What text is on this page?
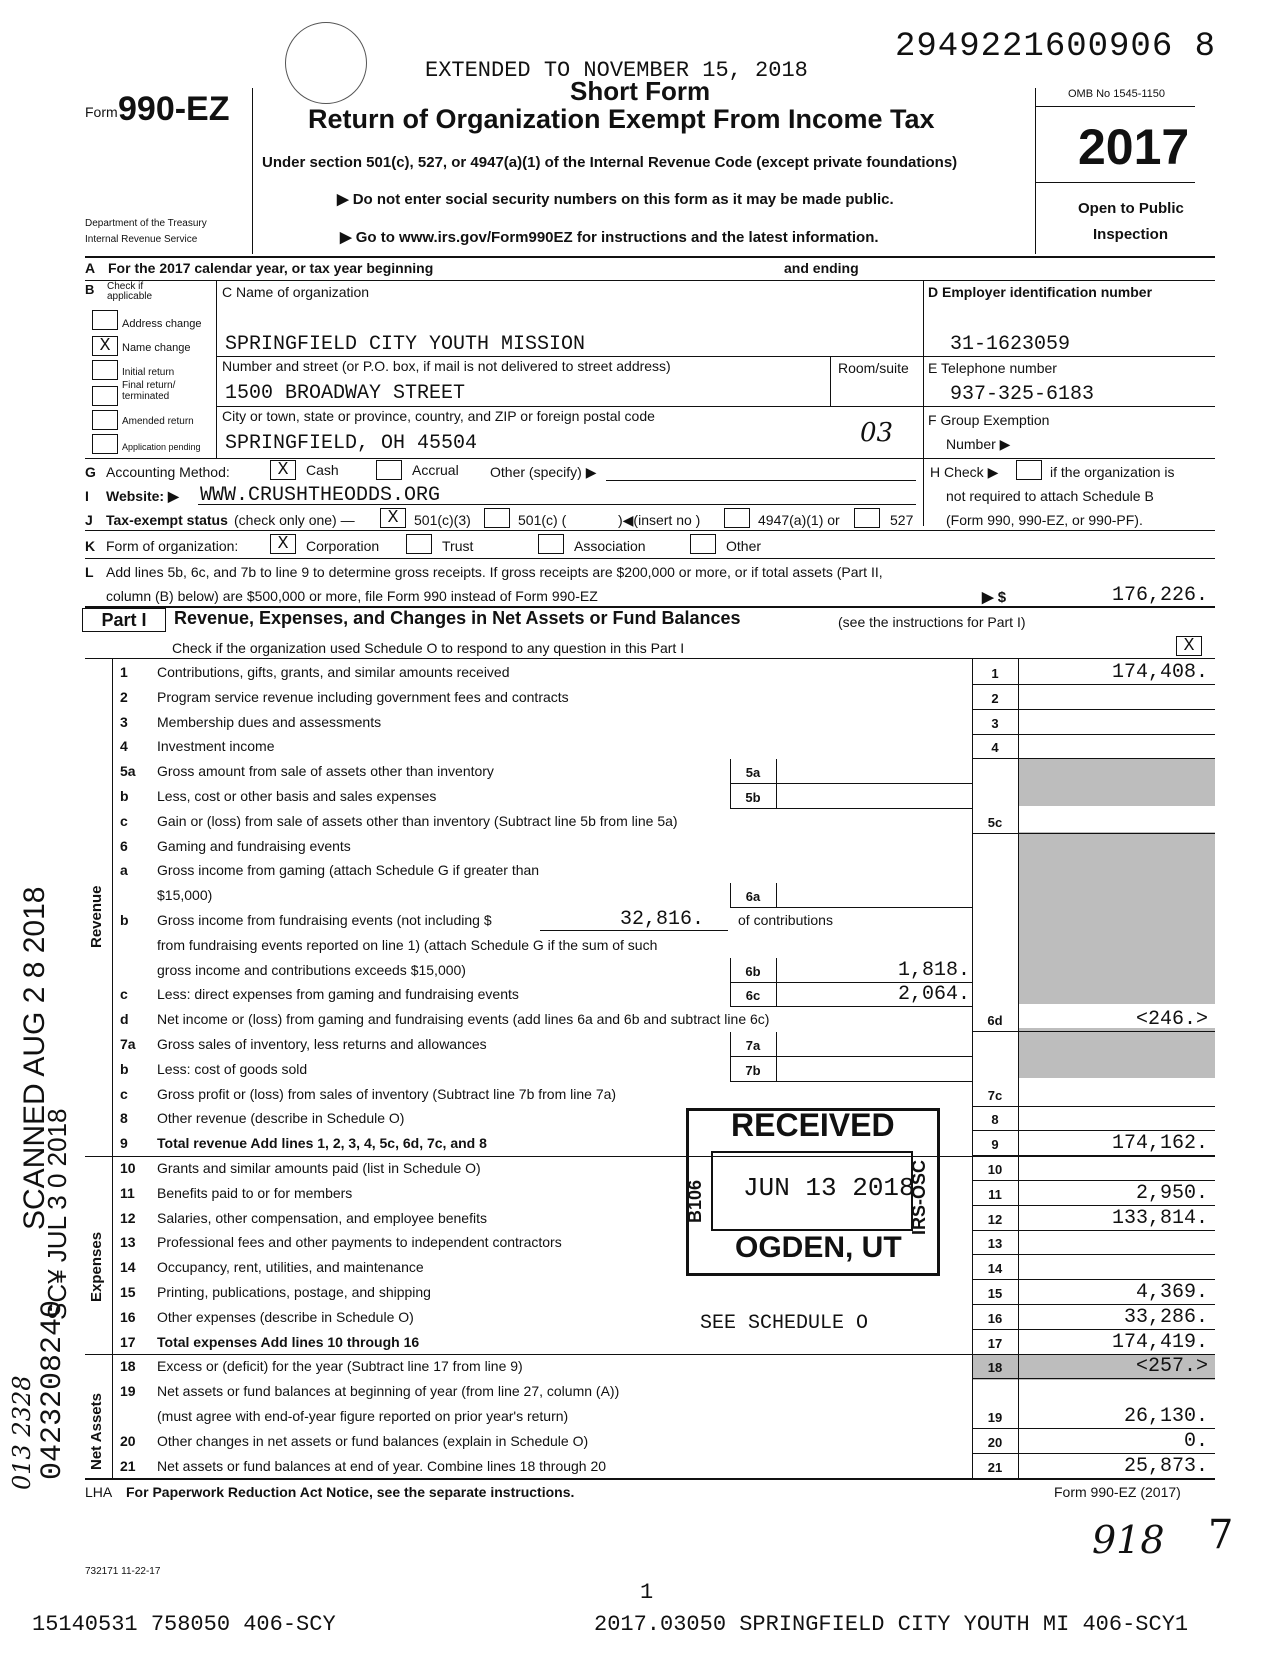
SCANNED AUG 2 8 2018
SC¥ JUL 3 0 2018
0423208240
013 2328
2949221600906 8
EXTENDED TO NOVEMBER 15, 2018
Form 990-EZ
Department of the Treasury
Internal Revenue Service
Short Form
Return of Organization Exempt From Income Tax
Under section 501(c), 527, or 4947(a)(1) of the Internal Revenue Code (except private foundations)
▶ Do not enter social security numbers on this form as it may be made public.
▶ Go to www.irs.gov/Form990EZ for instructions and the latest information.
OMB No 1545-1150
2017
Open to Public
Inspection
A For the 2017 calendar year, or tax year beginning	and ending
B Check if applicable
Address change
X	Name change
Initial return
Final return/ terminated
Amended return
Application pending
C Name of organization
SPRINGFIELD CITY YOUTH MISSION
Number and street (or P.O. box, if mail is not delivered to street address)	Room/suite
1500 BROADWAY STREET
City or town, state or province, country, and ZIP or foreign postal code
SPRINGFIELD, OH 45504	03
D Employer identification number
31-1623059
E Telephone number
937-325-6183
F Group Exemption
Number ▶
G Accounting Method:	X	Cash	Accrual Other (specify) ▶	H Check ▶	if the organization is
not required to attach Schedule B
(Form 990, 990-EZ, or 990-PF).
I Website: ▶ WWW.CRUSHTHEODDS.ORG
J Tax-exempt status (check only one) —	X	501(c)(3)	501(c) (	)◀(insert no )	4947(a)(1) or	527
K Form of organization:	X	Corporation	Trust	Association	Other
L Add lines 5b, 6c, and 7b to line 9 to determine gross receipts. If gross receipts are $200,000 or more, or if total assets (Part II,
column (B) below) are $500,000 or more, file Form 990 instead of Form 990-EZ	▶ $	176,226.
Part I	Revenue, Expenses, and Changes in Net Assets or Fund Balances	(see the instructions for Part I)
Check if the organization used Schedule O to respond to any question in this Part I	X
Revenue
Expenses
Net Assets
1	Contributions, gifts, grants, and similar amounts received	1	174,408.
2	Program service revenue including government fees and contracts	2
3	Membership dues and assessments	3
4	Investment income	4
5a	Gross amount from sale of assets other than inventory	5a
b	Less, cost or other basis and sales expenses	5b
c	Gain or (loss) from sale of assets other than inventory (Subtract line 5b from line 5a)	5c
6	Gaming and fundraising events
a	Gross income from gaming (attach Schedule G if greater than
$15,000)	6a
b	Gross income from fundraising events (not including $
from fundraising events reported on line 1) (attach Schedule G if the sum of such
gross income and contributions exceeds $15,000)	6b	1,818.
c	Less: direct expenses from gaming and fundraising events	6c	2,064.
d	Net income or (loss) from gaming and fundraising events (add lines 6a and 6b and subtract line 6c)	6d	<246.>
7a	Gross sales of inventory, less returns and allowances	7a
b	Less: cost of goods sold	7b
c	Gross profit or (loss) from sales of inventory (Subtract line 7b from line 7a)	7c
8	Other revenue (describe in Schedule O)	8
9	Total revenue Add lines 1, 2, 3, 4, 5c, 6d, 7c, and 8	9	174,162.
10	Grants and similar amounts paid (list in Schedule O)	10
11	Benefits paid to or for members	11	2,950.
12	Salaries, other compensation, and employee benefits	12	133,814.
13	Professional fees and other payments to independent contractors	13
14	Occupancy, rent, utilities, and maintenance	14
15	Printing, publications, postage, and shipping	15	4,369.
16	Other expenses (describe in Schedule O)	16	33,286.
17	Total expenses Add lines 10 through 16	17	174,419.
18	Excess or (deficit) for the year (Subtract line 17 from line 9)	18	<257.>
19	Net assets or fund balances at beginning of year (from line 27, column (A))
(must agree with end-of-year figure reported on prior year's return)	19	26,130.
20	Other changes in net assets or fund balances (explain in Schedule O)	20	0.
21	Net assets or fund balances at end of year. Combine lines 18 through 20	21	25,873.
32,816. of contributions
SEE SCHEDULE O
RECEIVED
JUN 13 2018
OGDEN, UT
B106	IRS-OSC
LHA For Paperwork Reduction Act Notice, see the separate instructions.	Form 990-EZ (2017)
918 7
732171 11-22-17
1
15140531 758050 406-SCY	2017.03050 SPRINGFIELD CITY YOUTH MI 406-SCY1
